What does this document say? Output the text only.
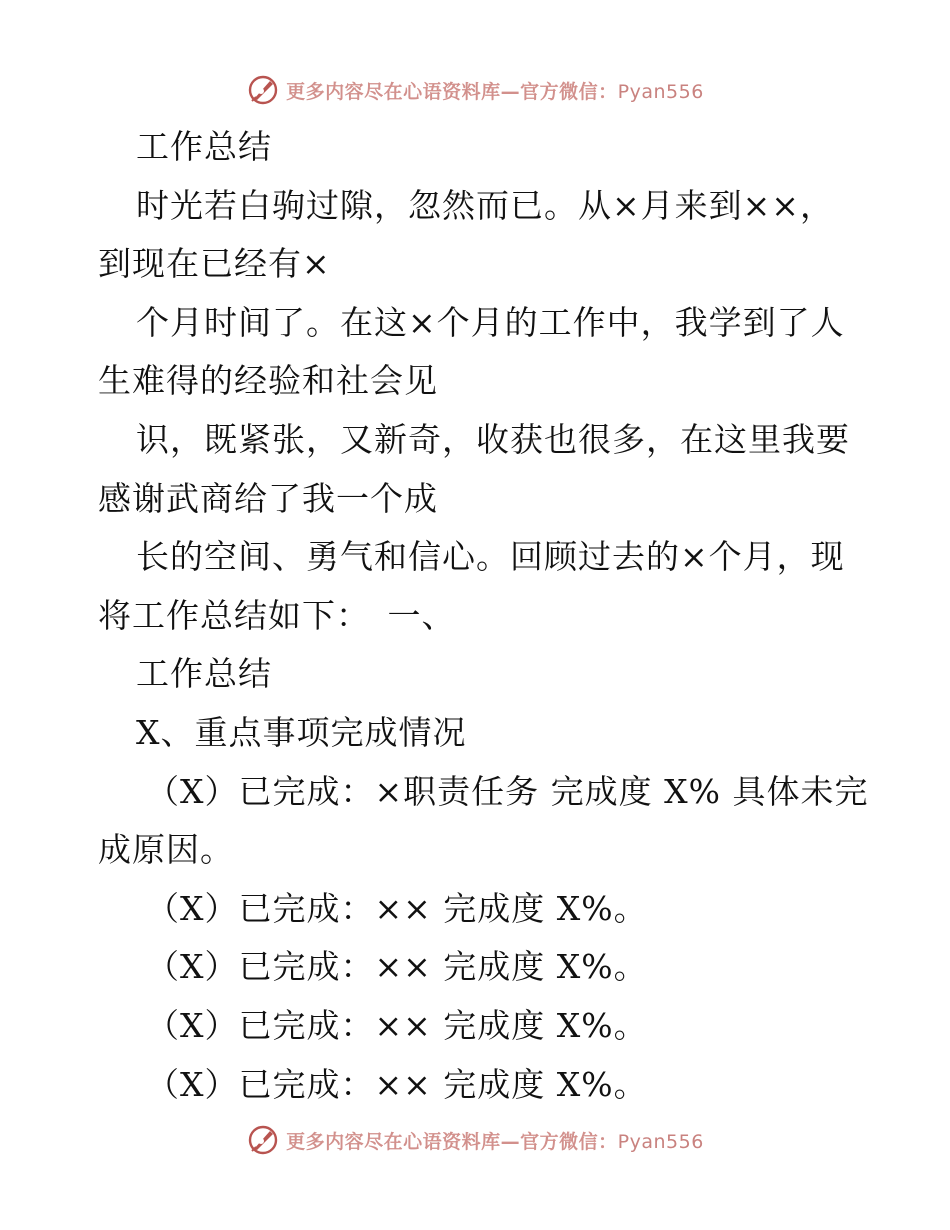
更多内容尽在心语资料库—官方微信：Pyan556
工作总结
时光若白驹过隙，忽然而已。从×月来到××，
到现在已经有×
个月时间了。在这×个月的工作中，我学到了人
生难得的经验和社会见
识，既紧张，又新奇，收获也很多，在这里我要
感谢武商给了我一个成
长的空间、勇气和信心。回顾过去的×个月，现
将工作总结如下：　一、
工作总结
X、重点事项完成情况
（X）已完成：×职责任务 完成度 X% 具体未完
成原因。
（X）已完成：×× 完成度 X%。
（X）已完成：×× 完成度 X%。
（X）已完成：×× 完成度 X%。
（X）已完成：×× 完成度 X%。
更多内容尽在心语资料库—官方微信：Pyan556
